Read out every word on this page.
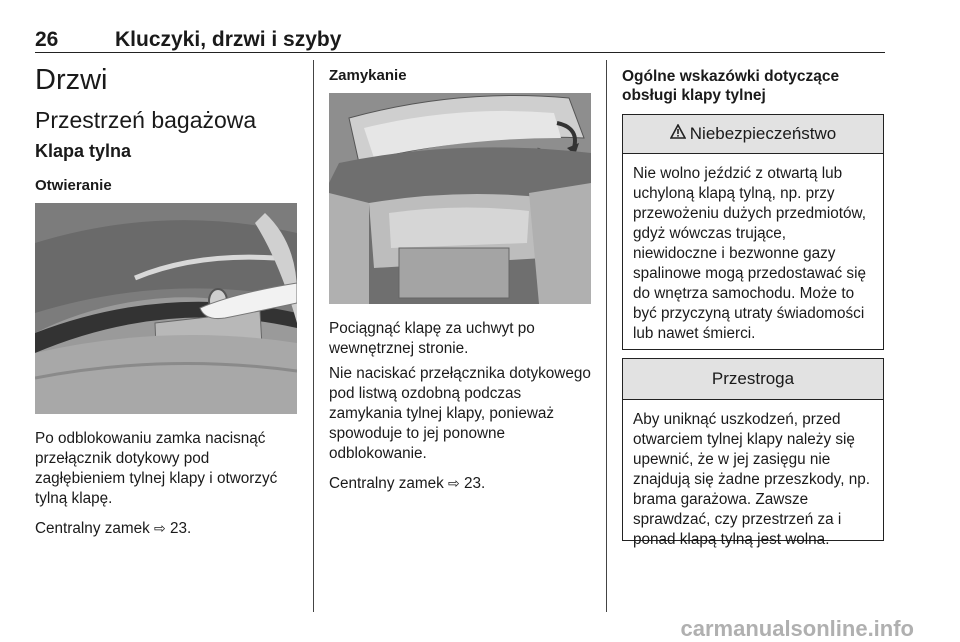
26	Kluczyki, drzwi i szyby
Drzwi
Przestrzeń bagażowa
Klapa tylna
Otwieranie

Po odblokowaniu zamka nacisnąć przełącznik dotykowy pod zagłębieniem tylnej klapy i otworzyć tylną klapę.

Centralny zamek ⇨ 23.

Zamykanie

Pociągnąć klapę za uchwyt po wewnętrznej stronie.

Nie naciskać przełącznika dotykowego pod listwą ozdobną podczas zamykania tylnej klapy, ponieważ spowoduje to jej ponowne odblokowanie.

Centralny zamek ⇨ 23.

Ogólne wskazówki dotyczące obsługi klapy tylnej
Niebezpieczeństwo
Nie wolno jeździć z otwartą lub uchyloną klapą tylną, np. przy przewożeniu dużych przedmiotów, gdyż wówczas trujące, niewidoczne i bezwonne gazy spalinowe mogą przedostawać się do wnętrza samochodu. Może to być przyczyną utraty świadomości lub nawet śmierci.
Przestroga
Aby uniknąć uszkodzeń, przed otwarciem tylnej klapy należy się upewnić, że w jej zasięgu nie znajdują się żadne przeszkody, np. brama garażowa. Zawsze sprawdzać, czy przestrzeń za i ponad klapą tylną jest wolna.
carmanualsonline.info
